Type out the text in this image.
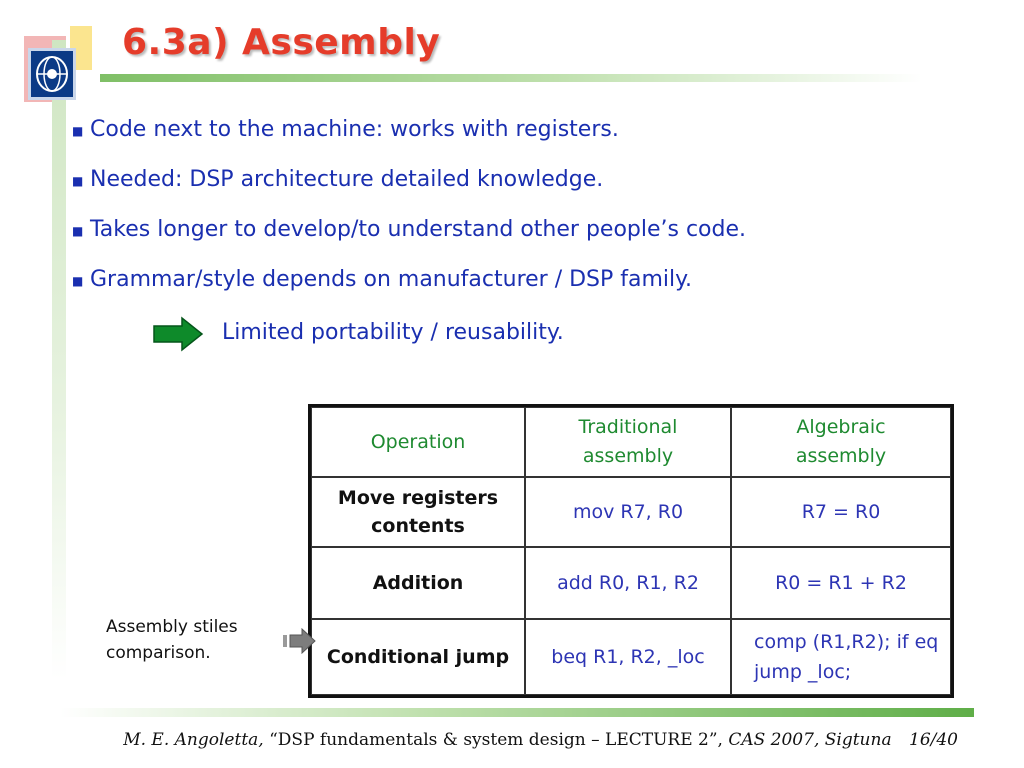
6.3a) Assembly
■ Code next to the machine: works with registers.
■ Needed: DSP architecture detailed knowledge.
■ Takes longer to develop/to understand other people’s code.
■ Grammar/style depends on manufacturer / DSP family.
Limited portability / reusability.
Operation	Traditional assembly	Algebraic assembly
Move registers contents	mov R7, R0	R7 = R0
Addition	add R0, R1, R2	R0 = R1 + R2
Conditional jump	beq R1, R2, _loc	comp (R1,R2); if eq jump _loc;
Assembly stiles
comparison.
M. E. Angoletta, “DSP fundamentals & system design – LECTURE 2”, CAS 2007, Sigtuna 16/40
